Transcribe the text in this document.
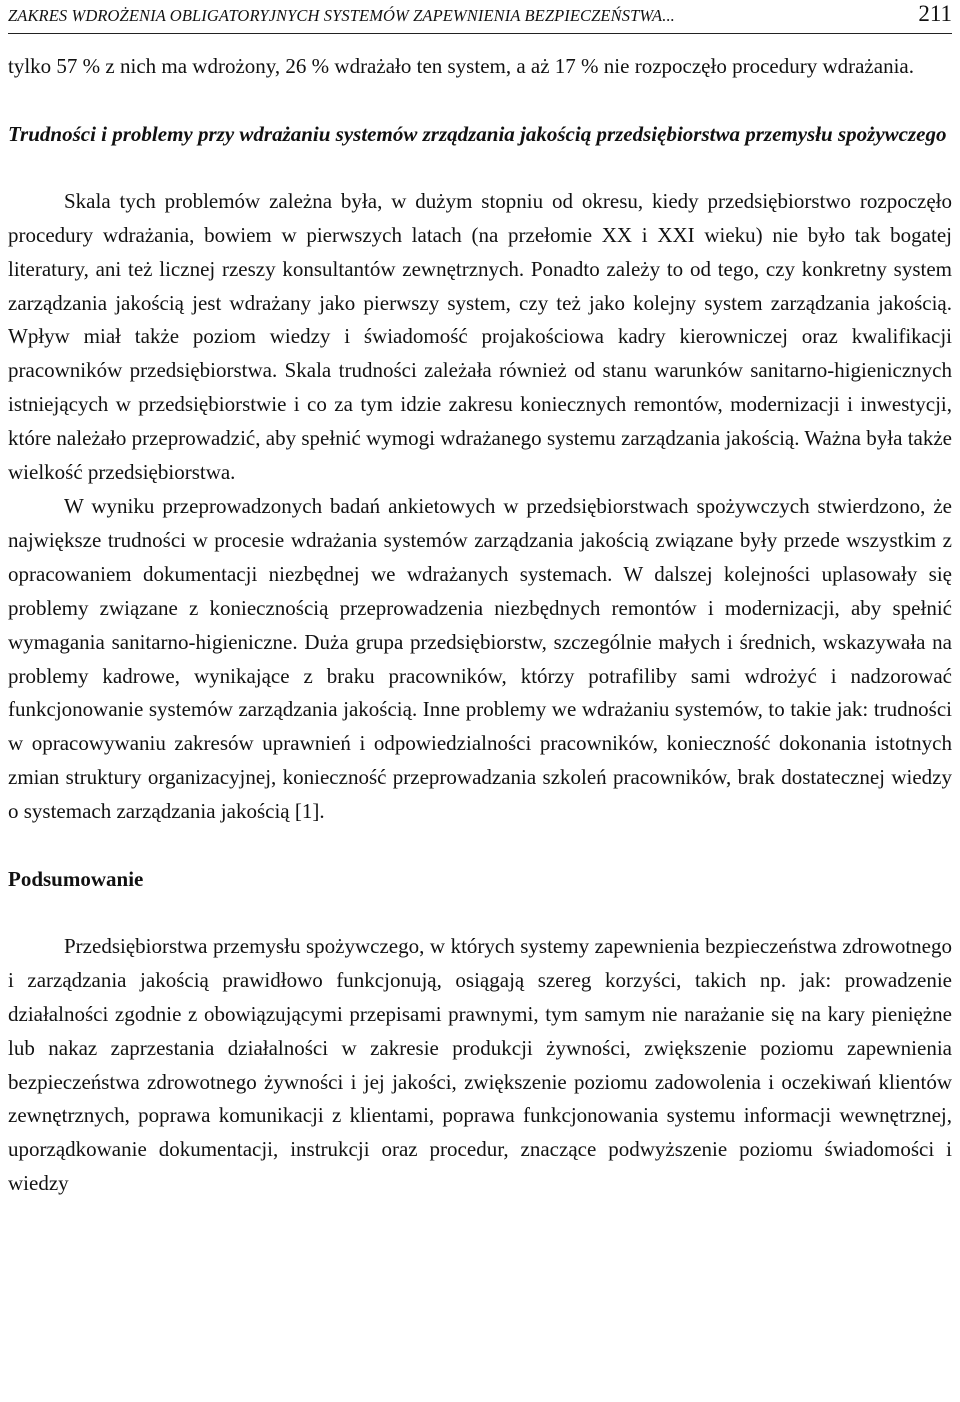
ZAKRES WDROŻENIA OBLIGATORYJNYCH SYSTEMÓW ZAPEWNIENIA BEZPIECZEŃSTWA...	211

tylko 57 % z nich ma wdrożony, 26 % wdrażało ten system, a aż 17 % nie rozpoczęło procedury wdrażania.

Trudności i problemy przy wdrażaniu systemów zrządzania jakością przedsiębiorstwa przemysłu spożywczego

Skala tych problemów zależna była, w dużym stopniu od okresu, kiedy przedsiębiorstwo rozpoczęło procedury wdrażania, bowiem w pierwszych latach (na przełomie XX i XXI wieku) nie było tak bogatej literatury, ani też licznej rzeszy konsultantów zewnętrznych. Ponadto zależy to od tego, czy konkretny system zarządzania jakością jest wdrażany jako pierwszy system, czy też jako kolejny system zarządzania jakością. Wpływ miał także poziom wiedzy i świadomość projakościowa kadry kierowniczej oraz kwalifikacji pracowników przedsiębiorstwa. Skala trudności zależała również od stanu warunków sanitarno-higienicznych istniejących w przedsiębiorstwie i co za tym idzie zakresu koniecznych remontów, modernizacji i inwestycji, które należało przeprowadzić, aby spełnić wymogi wdrażanego systemu zarządzania jakością. Ważna była także wielkość przedsiębiorstwa.

W wyniku przeprowadzonych badań ankietowych w przedsiębiorstwach spożywczych stwierdzono, że największe trudności w procesie wdrażania systemów zarządzania jakością związane były przede wszystkim z opracowaniem dokumentacji niezbędnej we wdrażanych systemach. W dalszej kolejności uplasowały się problemy związane z koniecznością przeprowadzenia niezbędnych remontów i modernizacji, aby spełnić wymagania sanitarno-higieniczne. Duża grupa przedsiębiorstw, szczególnie małych i średnich, wskazywała na problemy kadrowe, wynikające z braku pracowników, którzy potrafiliby sami wdrożyć i nadzorować funkcjonowanie systemów zarządzania jakością. Inne problemy we wdrażaniu systemów, to takie jak: trudności w opracowywaniu zakresów uprawnień i odpowiedzialności pracowników, konieczność dokonania istotnych zmian struktury organizacyjnej, konieczność przeprowadzania szkoleń pracowników, brak dostatecznej wiedzy o systemach zarządzania jakością [1].

Podsumowanie

Przedsiębiorstwa przemysłu spożywczego, w których systemy zapewnienia bezpieczeństwa zdrowotnego i zarządzania jakością prawidłowo funkcjonują, osiągają szereg korzyści, takich np. jak: prowadzenie działalności zgodnie z obowiązującymi przepisami prawnymi, tym samym nie narażanie się na kary pieniężne lub nakaz zaprzestania działalności w zakresie produkcji żywności, zwiększenie poziomu zapewnienia bezpieczeństwa zdrowotnego żywności i jej jakości, zwiększenie poziomu zadowolenia i oczekiwań klientów zewnętrznych, poprawa komunikacji z klientami, poprawa funkcjonowania systemu informacji wewnętrznej, uporządkowanie dokumentacji, instrukcji oraz procedur, znaczące podwyższenie poziomu świadomości i wiedzy
